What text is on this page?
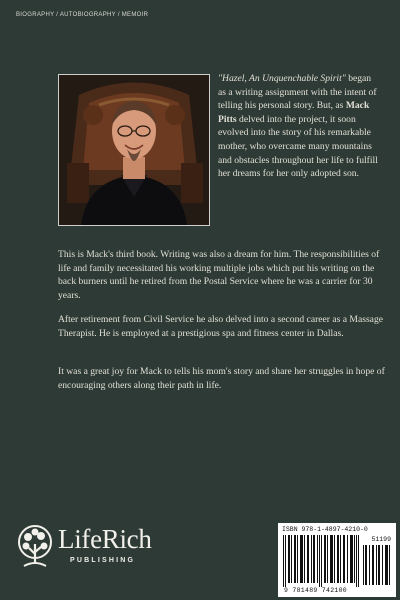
BIOGRAPHY / AUTOBIOGRAPHY / MEMOIR
"Hazel, An Unquenchable Spirit" began as a writing assignment with the intent of telling his personal story. But, as Mack Pitts delved into the project, it soon evolved into the story of his remarkable mother, who overcame many mountains and obstacles throughout her life to fulfill her dreams for her only adopted son.
This is Mack's third book. Writing was also a dream for him. The responsibilities of life and family necessitated his working multiple jobs which put his writing on the back burners until he retired from the Postal Service where he was a carrier for 30 years.
After retirement from Civil Service he also delved into a second career as a Massage Therapist. He is employed at a prestigious spa and fitness center in Dallas.
It was a great joy for Mack to tells his mom's story and share her struggles in hope of encouraging others along their path in life.
LifeRich
PUBLISHING
ISBN 978-1-4897-4210-0
51199
9 781489 742100
